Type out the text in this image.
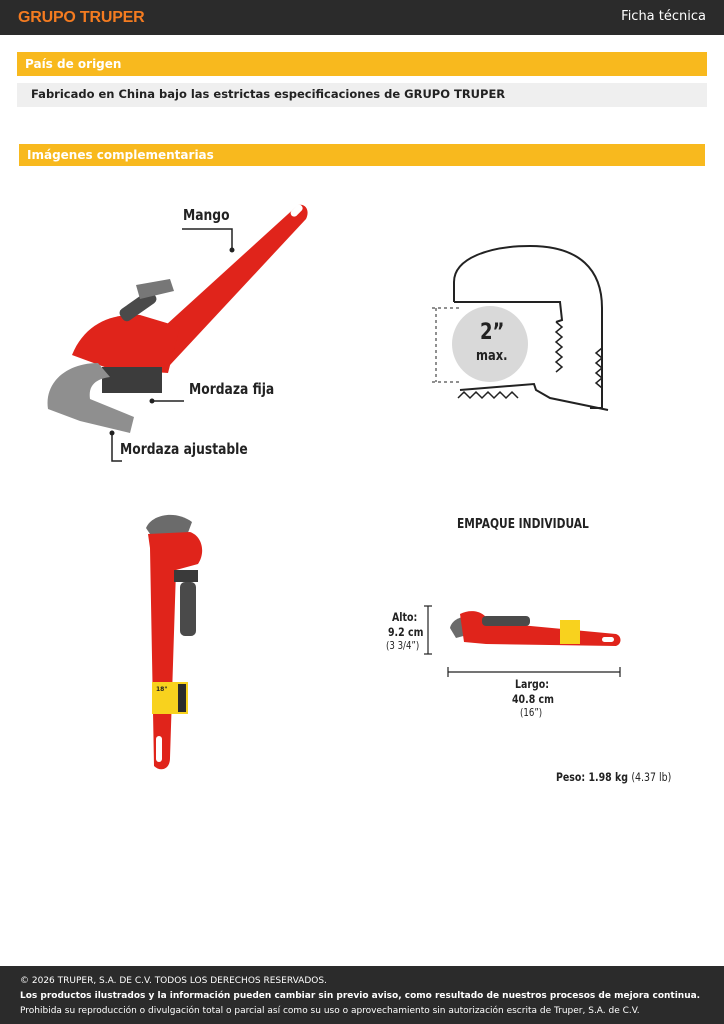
GRUPO TRUPER	Ficha técnica
País de origen
Fabricado en China bajo las estrictas especificaciones de GRUPO TRUPER
Imágenes complementarias
Mango
Mordaza fija
Mordaza ajustable
2”
max.
18"
EMPAQUE INDIVIDUAL
Alto:
9.2 cm
(3 3/4”)
Largo:
40.8 cm
(16”)
Peso: 1.98 kg (4.37 lb)
© 2026 TRUPER, S.A. DE C.V. TODOS LOS DERECHOS RESERVADOS.
Los productos ilustrados y la información pueden cambiar sin previo aviso, como resultado de nuestros procesos de mejora continua.
Prohibida su reproducción o divulgación total o parcial así como su uso o aprovechamiento sin autorización escrita de Truper, S.A. de C.V.
